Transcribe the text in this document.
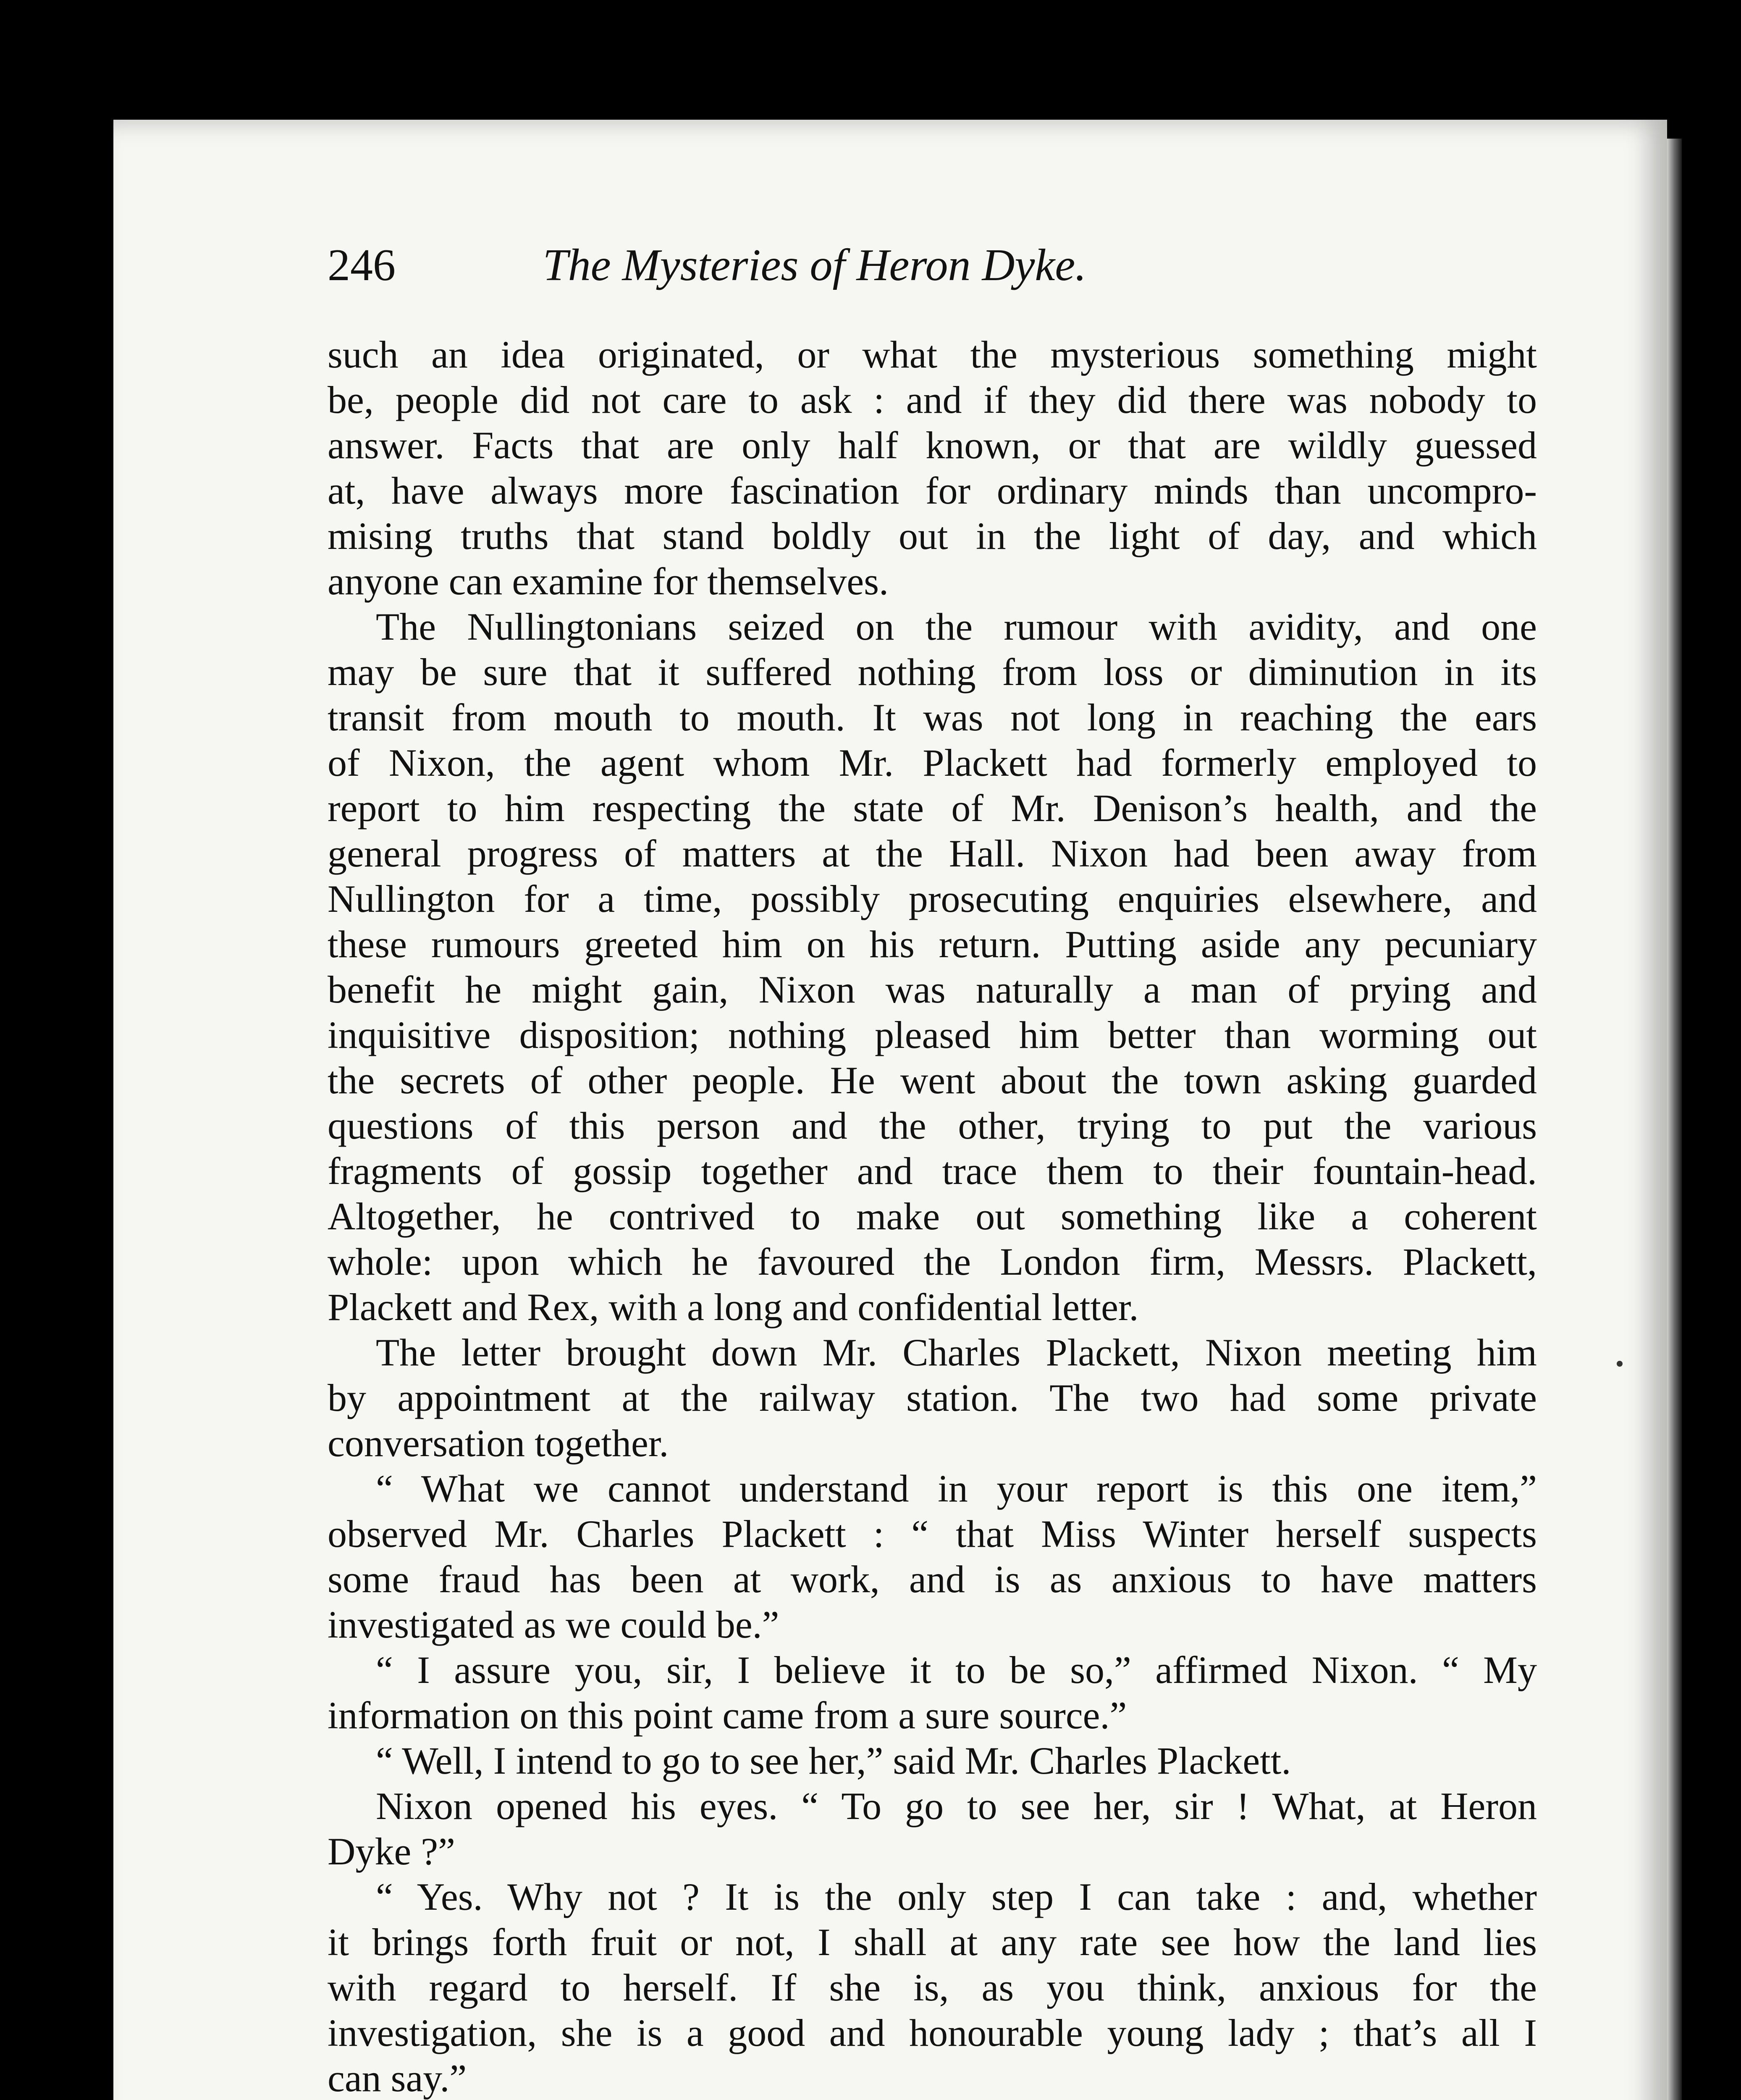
246	The Mysteries of Heron Dyke.
such an idea originated, or what the mysterious something might
be, people did not care to ask : and if they did there was nobody to
answer. Facts that are only half known, or that are wildly guessed
at, have always more fascination for ordinary minds than uncompro-
mising truths that stand boldly out in the light of day, and which
anyone can examine for themselves.
The Nullingtonians seized on the rumour with avidity, and one
may be sure that it suffered nothing from loss or diminution in its
transit from mouth to mouth. It was not long in reaching the ears
of Nixon, the agent whom Mr. Plackett had formerly employed to
report to him respecting the state of Mr. Denison’s health, and the
general progress of matters at the Hall. Nixon had been away from
Nullington for a time, possibly prosecuting enquiries elsewhere, and
these rumours greeted him on his return. Putting aside any pecuniary
benefit he might gain, Nixon was naturally a man of prying and
inquisitive disposition; nothing pleased him better than worming out
the secrets of other people. He went about the town asking guarded
questions of this person and the other, trying to put the various
fragments of gossip together and trace them to their fountain-head.
Altogether, he contrived to make out something like a coherent
whole: upon which he favoured the London firm, Messrs. Plackett,
Plackett and Rex, with a long and confidential letter.
The letter brought down Mr. Charles Plackett, Nixon meeting him
by appointment at the railway station. The two had some private
conversation together.
“ What we cannot understand in your report is this one item,”
observed Mr. Charles Plackett : “ that Miss Winter herself suspects
some fraud has been at work, and is as anxious to have matters
investigated as we could be.”
“ I assure you, sir, I believe it to be so,” affirmed Nixon. “ My
information on this point came from a sure source.”
“ Well, I intend to go to see her,” said Mr. Charles Plackett.
Nixon opened his eyes. “ To go to see her, sir ! What, at Heron
Dyke ?”
“ Yes. Why not ? It is the only step I can take : and, whether
it brings forth fruit or not, I shall at any rate see how the land lies
with regard to herself. If she is, as you think, anxious for the
investigation, she is a good and honourable young lady ; that’s all I
can say.”
